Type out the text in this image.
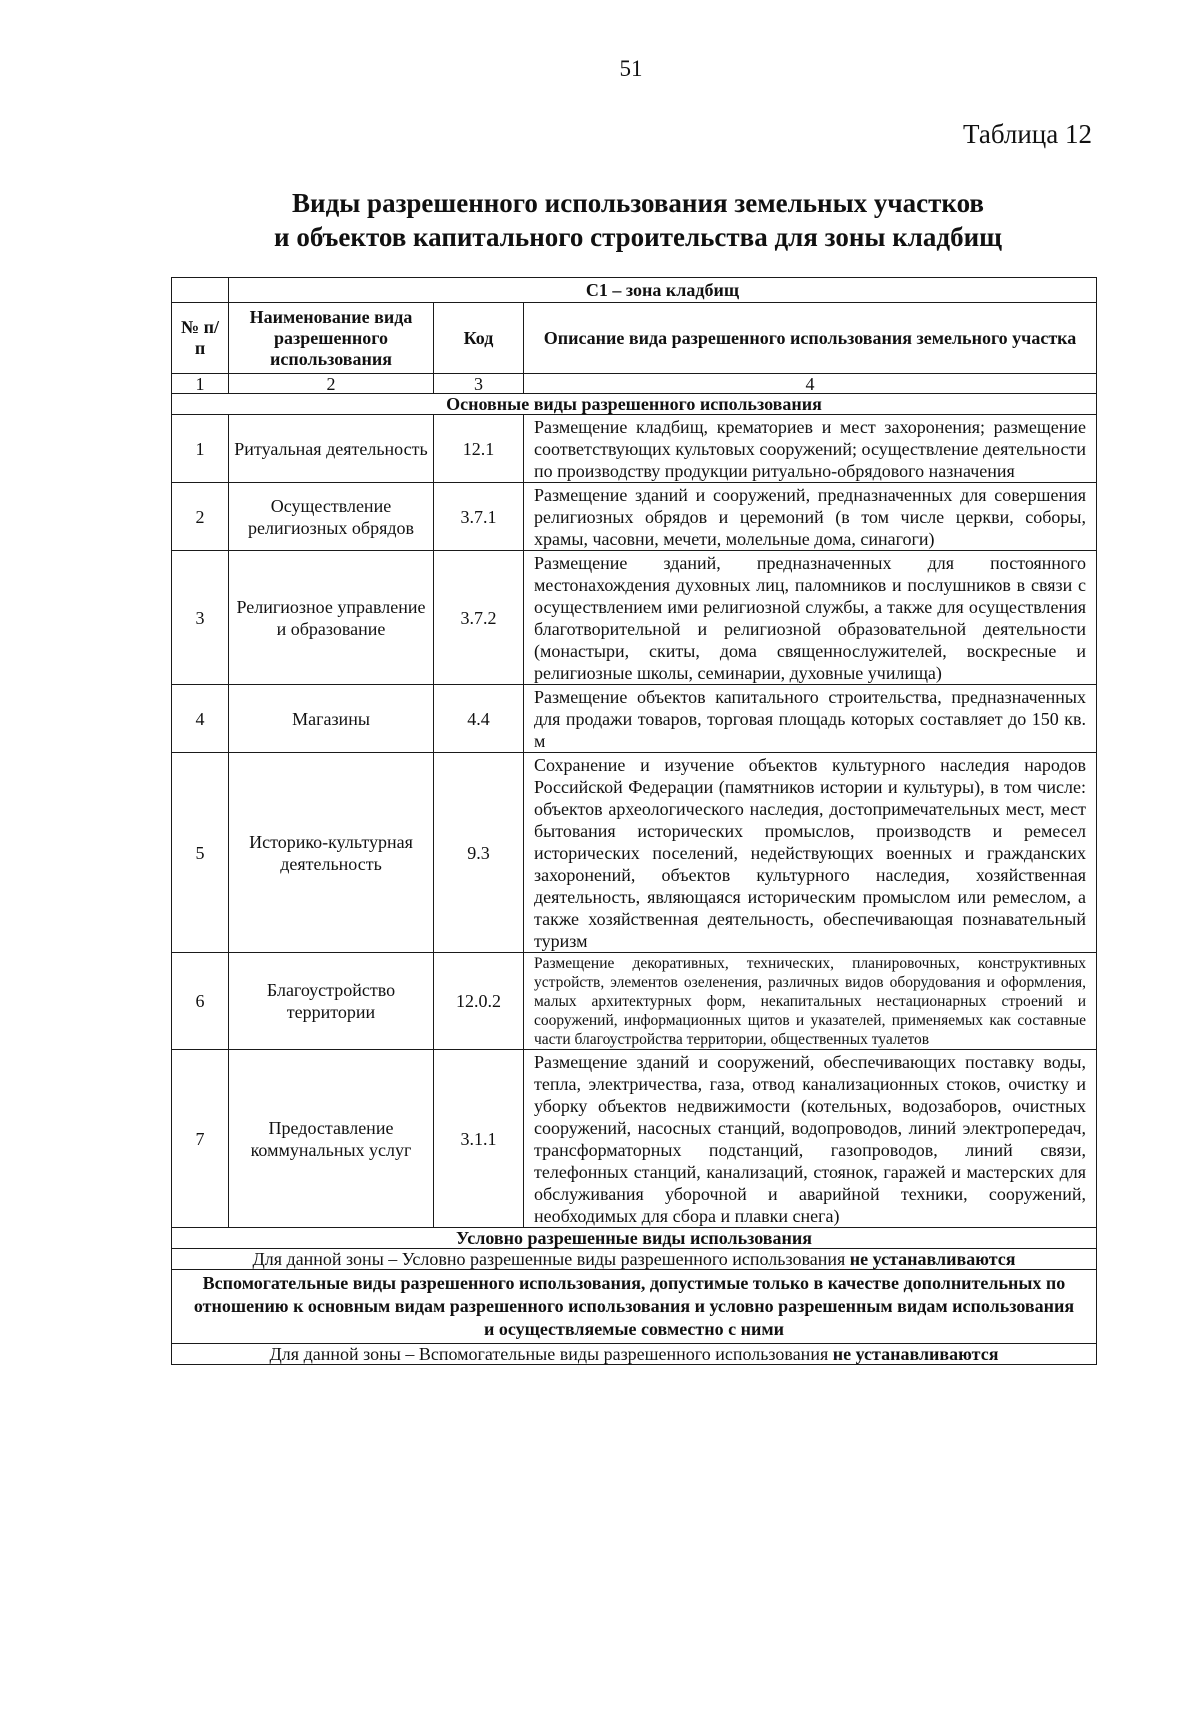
51
Таблица 12
Виды разрешенного использования земельных участков
и объектов капитального строительства для зоны кладбищ
	С1 – зона кладбищ		
№ п/п	Наименование вида разрешенного использования	Код	Описание вида разрешенного использования земельного участка
1	2	3	4
Основные виды разрешенного использования			
1	Ритуальная деятельность	12.1	Размещение кладбищ, крематориев и мест захоронения; размещение соответствующих культовых сооружений; осуществление деятельности по производству продукции ритуально-обрядового назначения
2	Осуществление религиозных обрядов	3.7.1	Размещение зданий и сооружений, предназначенных для совершения религиозных обрядов и церемоний (в том числе церкви, соборы, храмы, часовни, мечети, молельные дома, синагоги)
3	Религиозное управление и образование	3.7.2	Размещение зданий, предназначенных для постоянного местонахождения духовных лиц, паломников и послушников в связи с осуществлением ими религиозной службы, а также для осуществления благотворительной и религиозной образовательной деятельности (монастыри, скиты, дома священнослужителей, воскресные и религиозные школы, семинарии, духовные училища)
4	Магазины	4.4	Размещение объектов капитального строительства, предназначенных для продажи товаров, торговая площадь которых составляет до 150 кв. м
5	Историко-культурная деятельность	9.3	Сохранение и изучение объектов культурного наследия народов Российской Федерации (памятников истории и культуры), в том числе: объектов археологического наследия, достопримечательных мест, мест бытования исторических промыслов, производств и ремесел исторических поселений, недействующих военных и гражданских захоронений, объектов культурного наследия, хозяйственная деятельность, являющаяся историческим промыслом или ремеслом, а также хозяйственная деятельность, обеспечивающая познавательный туризм
6	Благоустройство территории	12.0.2	Размещение декоративных, технических, планировочных, конструктивных устройств, элементов озеленения, различных видов оборудования и оформления, малых архитектурных форм, некапитальных нестационарных строений и сооружений, информационных щитов и указателей, применяемых как составные части благоустройства территории, общественных туалетов
7	Предоставление коммунальных услуг	3.1.1	Размещение зданий и сооружений, обеспечивающих поставку воды, тепла, электричества, газа, отвод канализационных стоков, очистку и уборку объектов недвижимости (котельных, водозаборов, очистных сооружений, насосных станций, водопроводов, линий электропередач, трансформаторных подстанций, газопроводов, линий связи, телефонных станций, канализаций, стоянок, гаражей и мастерских для обслуживания уборочной и аварийной техники, сооружений, необходимых для сбора и плавки снега)
Условно разрешенные виды использования			
Для данной зоны – Условно разрешенные виды разрешенного использования не устанавливаются			
Вспомогательные виды разрешенного использования, допустимые только в качестве дополнительных по отношению к основным видам разрешенного использования и условно разрешенным видам использования и осуществляемые совместно с ними			
Для данной зоны – Вспомогательные виды разрешенного использования не устанавливаются			
